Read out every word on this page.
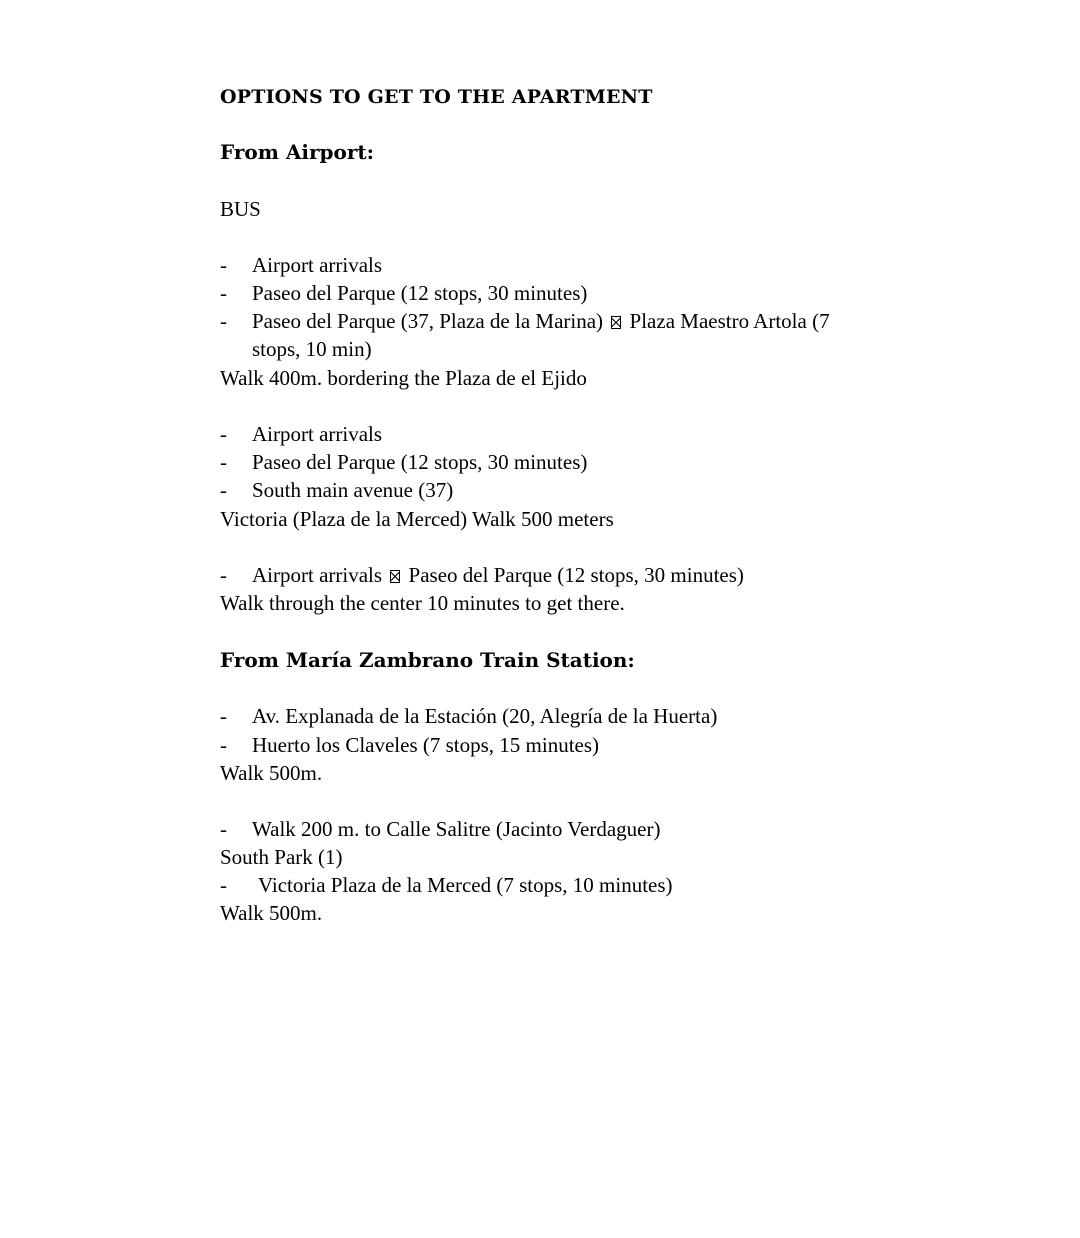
OPTIONS TO GET TO THE APARTMENT
From Airport:
BUS
- Airport arrivals
- Paseo del Parque (12 stops, 30 minutes)
- Paseo del Parque (37, Plaza de la Marina) Plaza Maestro Artola (7
stops, 10 min)
Walk 400m. bordering the Plaza de el Ejido
- Airport arrivals
- Paseo del Parque (12 stops, 30 minutes)
- South main avenue (37)
Victoria (Plaza de la Merced) Walk 500 meters
- Airport arrivals Paseo del Parque (12 stops, 30 minutes)
Walk through the center 10 minutes to get there.
From María Zambrano Train Station:
- Av. Explanada de la Estación (20, Alegría de la Huerta)
- Huerto los Claveles (7 stops, 15 minutes)
Walk 500m.
- Walk 200 m. to Calle Salitre (Jacinto Verdaguer)
South Park (1)
- Victoria Plaza de la Merced (7 stops, 10 minutes)
Walk 500m.
